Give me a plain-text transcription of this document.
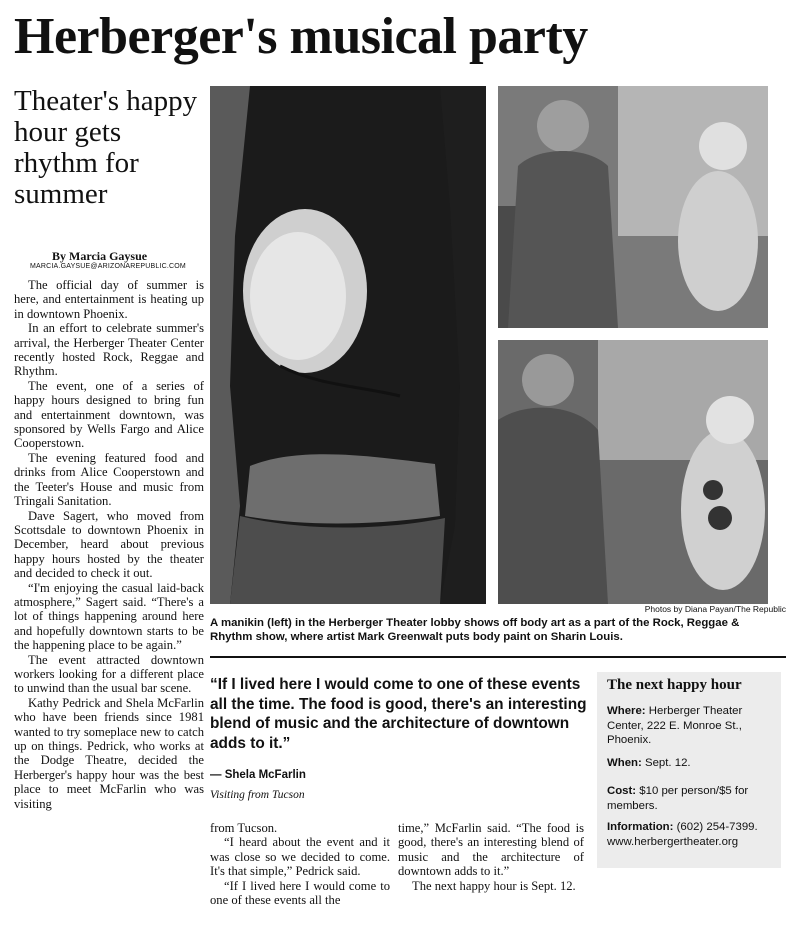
Herberger's musical party
Theater's happy hour gets rhythm for summer
By Marcia Gaysue
MARCIA.GAYSUE@ARIZONAREPUBLIC.COM

The official day of summer is here, and entertainment is heating up in downtown Phoenix.

In an effort to celebrate summer's arrival, the Herberger Theater Center recently hosted Rock, Reggae and Rhythm.

The event, one of a series of happy hours designed to bring fun and entertainment downtown, was sponsored by Wells Fargo and Alice Cooperstown.

The evening featured food and drinks from Alice Cooperstown and the Teeter's House and music from Tringali Sanitation.

Dave Sagert, who moved from Scottsdale to downtown Phoenix in December, heard about previous happy hours hosted by the theater and decided to check it out.

“I'm enjoying the casual laid-back atmosphere,” Sagert said. “There's a lot of things happening around here and hopefully downtown starts to be the happening place to be again.”

The event attracted downtown workers looking for a different place to unwind than the usual bar scene.

Kathy Pedrick and Shela McFarlin who have been friends since 1981 wanted to try someplace new to catch up on things. Pedrick, who works at the Dodge Theatre, decided the Herberger's happy hour was the best place to meet McFarlin who was visiting

Photos by Diana Payan/The Republic
A manikin (left) in the Herberger Theater lobby shows off body art as a part of the Rock, Reggae & Rhythm show, where artist Mark Greenwalt puts body paint on Sharin Louis.
“If I lived here I would come to one of these events all the time. The food is good, there's an interesting blend of music and the architecture of downtown adds to it.”
— Shela McFarlin
Visiting from Tucson
The next happy hour
Where: Herberger Theater Center, 222 E. Monroe St., Phoenix.
When: Sept. 12.
Cost: $10 per person/$5 for members.
Information: (602) 254-7399.
www.herbergertheater.org

from Tucson.

“I heard about the event and it was close so we decided to come. It's that simple,” Pedrick said.

“If I lived here I would come to one of these events all the

time,” McFarlin said. “The food is good, there's an interesting blend of music and the architecture of downtown adds to it.”

The next happy hour is Sept. 12.
